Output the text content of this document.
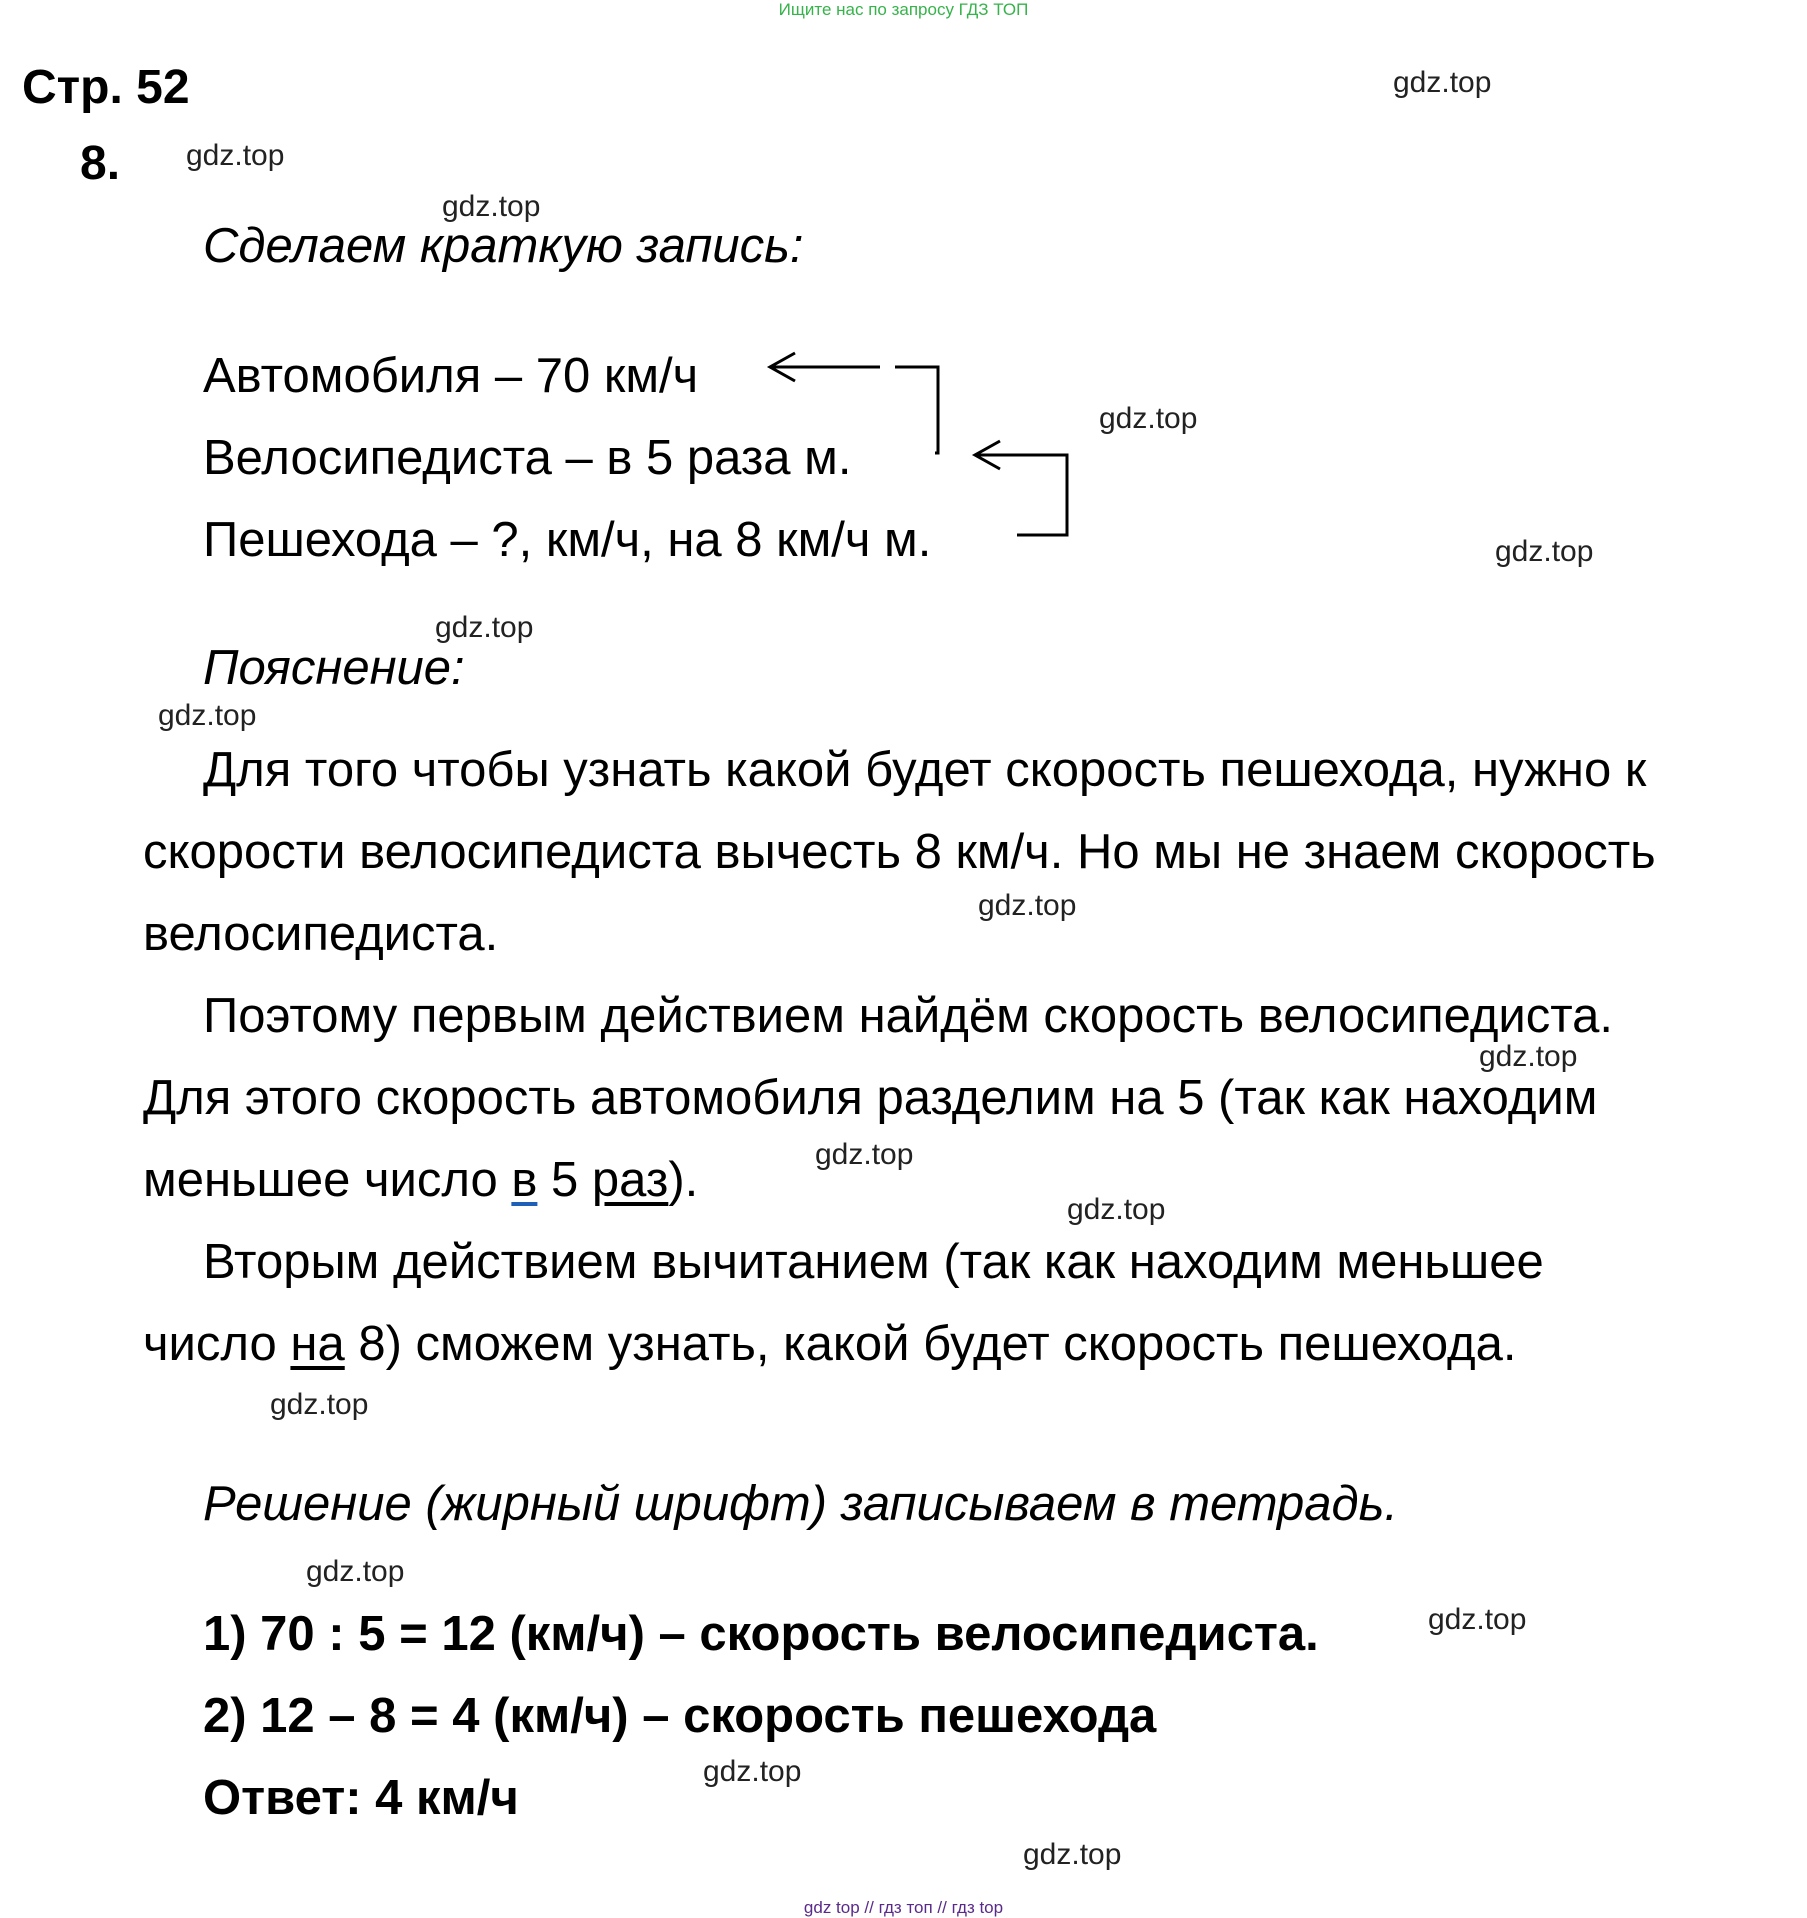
Ищите нас по запросу ГДЗ ТОП
Стр. 52
8.
Сделаем краткую запись:
Автомобиля – 70 км/ч
Велосипедиста – в 5 раза м.
Пешехода – ?, км/ч, на 8 км/ч м.
Пояснение:
Для того чтобы узнать какой будет скорость пешехода, нужно к
скорости велосипедиста вычесть 8 км/ч. Но мы не знаем скорость
велосипедиста.
Поэтому первым действием найдём скорость велосипедиста.
Для этого скорость автомобиля разделим на 5 (так как находим
меньшее число в 5 раз).
Вторым действием вычитанием (так как находим меньшее
число на 8) сможем узнать, какой будет скорость пешехода.
Решение (жирный шрифт) записываем в тетрадь.
1) 70 : 5 = 12 (км/ч) – скорость велосипедиста.
2) 12 – 8 = 4 (км/ч) – скорость пешехода
Ответ: 4 км/ч
gdz.top
gdz.top
gdz.top
gdz.top
gdz.top
gdz.top
gdz.top
gdz.top
gdz.top
gdz.top
gdz.top
gdz.top
gdz.top
gdz.top
gdz.top
gdz.top
gdz top // гдз топ // гдз top
